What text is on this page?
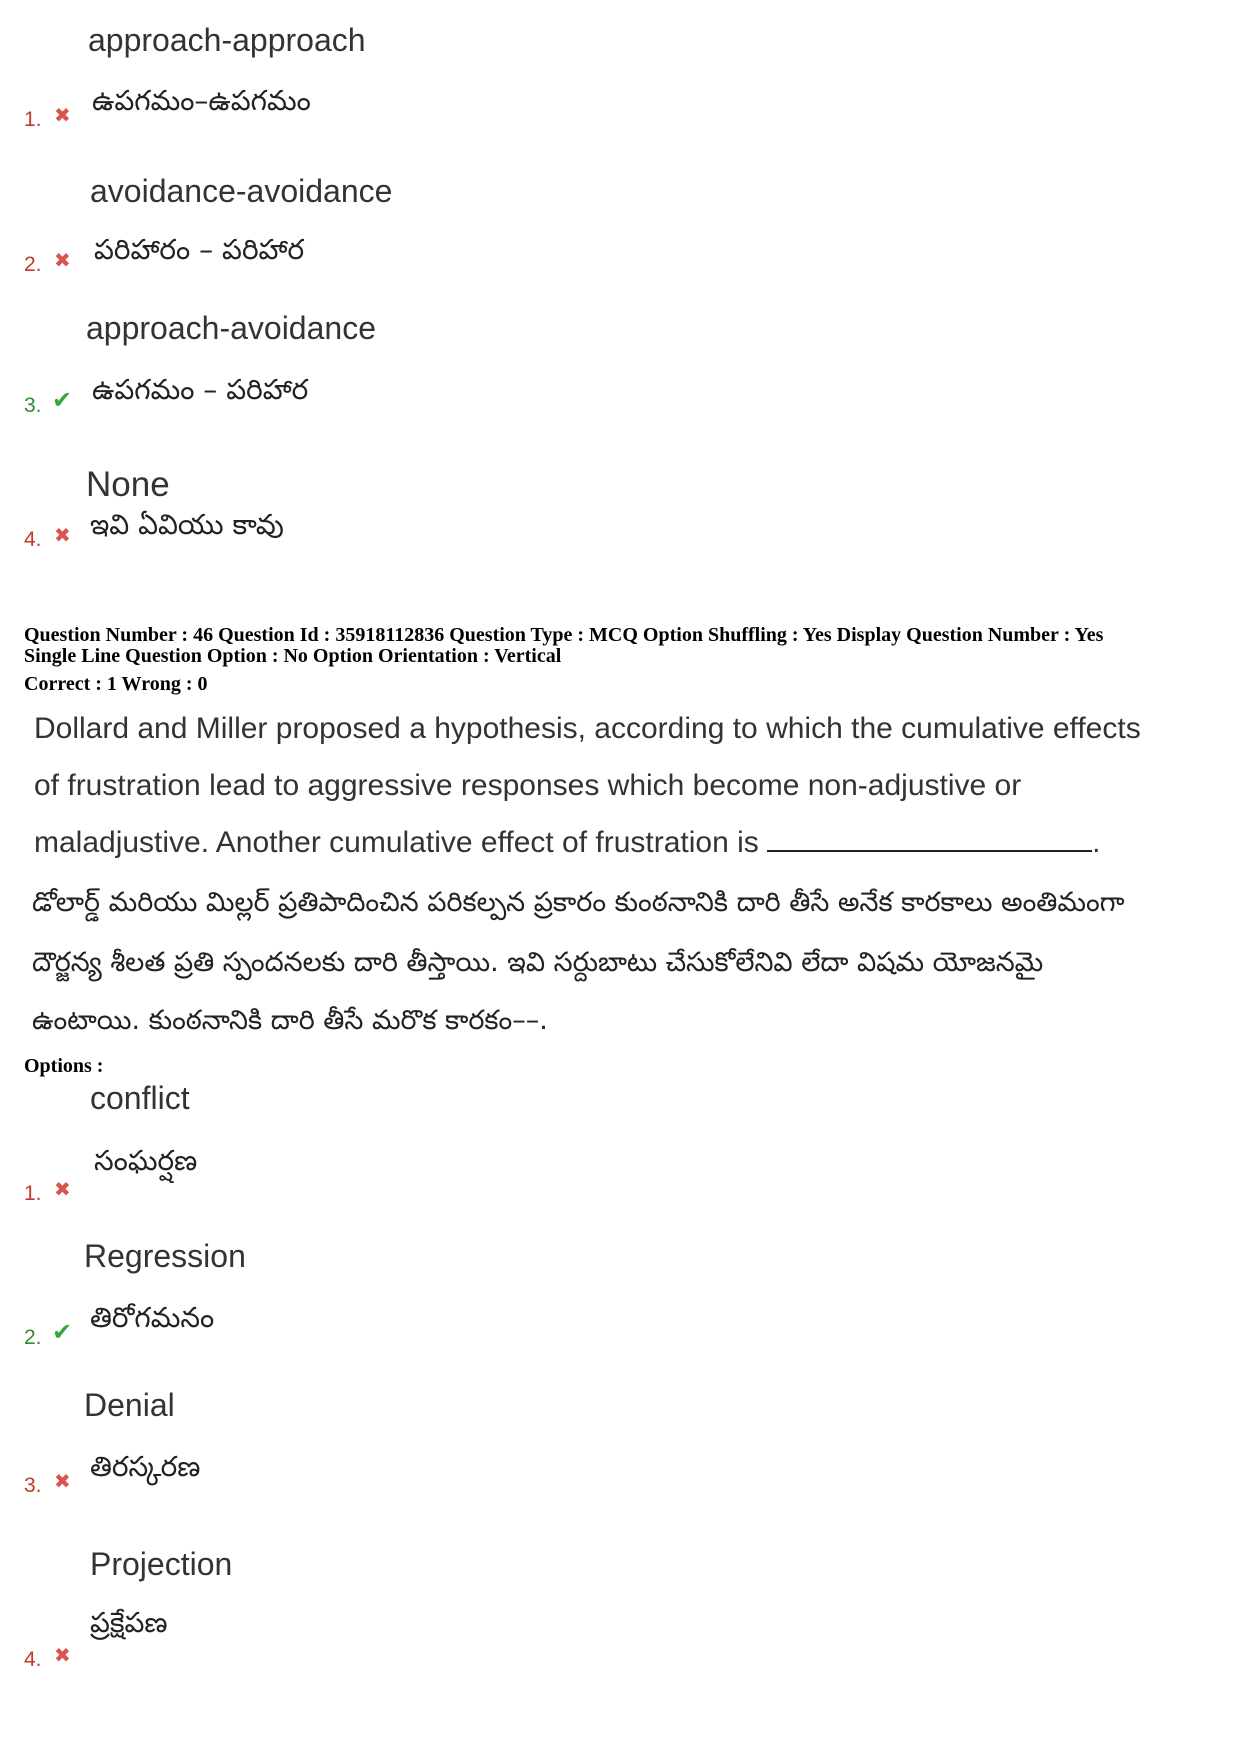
approach-approach
ఉపగమం–ఉపగమం
1. ✖
avoidance-avoidance
పరిహారం – పరిహార
2. ✖
approach-avoidance
ఉపగమం – పరిహార
3. ✔
None
ఇవి ఏవియు కావు
4. ✖
Question Number : 46 Question Id : 35918112836 Question Type : MCQ Option Shuffling : Yes Display Question Number : Yes
Single Line Question Option : No Option Orientation : Vertical
Correct : 1 Wrong : 0
Dollard and Miller proposed a hypothesis, according to which the cumulative effects
of frustration lead to aggressive responses which become non-adjustive or
maladjustive. Another cumulative effect of frustration is	.
డోలార్డ్ మరియు మిల్లర్ ప్రతిపాదించిన పరికల్పన ప్రకారం కుంఠనానికి దారి తీసే అనేక కారకాలు అంతిమంగా
దౌర్జన్య శీలత ప్రతి స్పందనలకు దారి తీస్తాయి. ఇవి సర్దుబాటు చేసుకోలేనివి లేదా విషమ యోజనమై
ఉంటాయి. కుంఠనానికి దారి తీసే మరొక కారకం––.
Options :
conflict
సంఘర్షణ
1. ✖
Regression
తిరోగమనం
2. ✔
Denial
తిరస్కరణ
3. ✖
Projection
ప్రక్షేపణ
4. ✖
